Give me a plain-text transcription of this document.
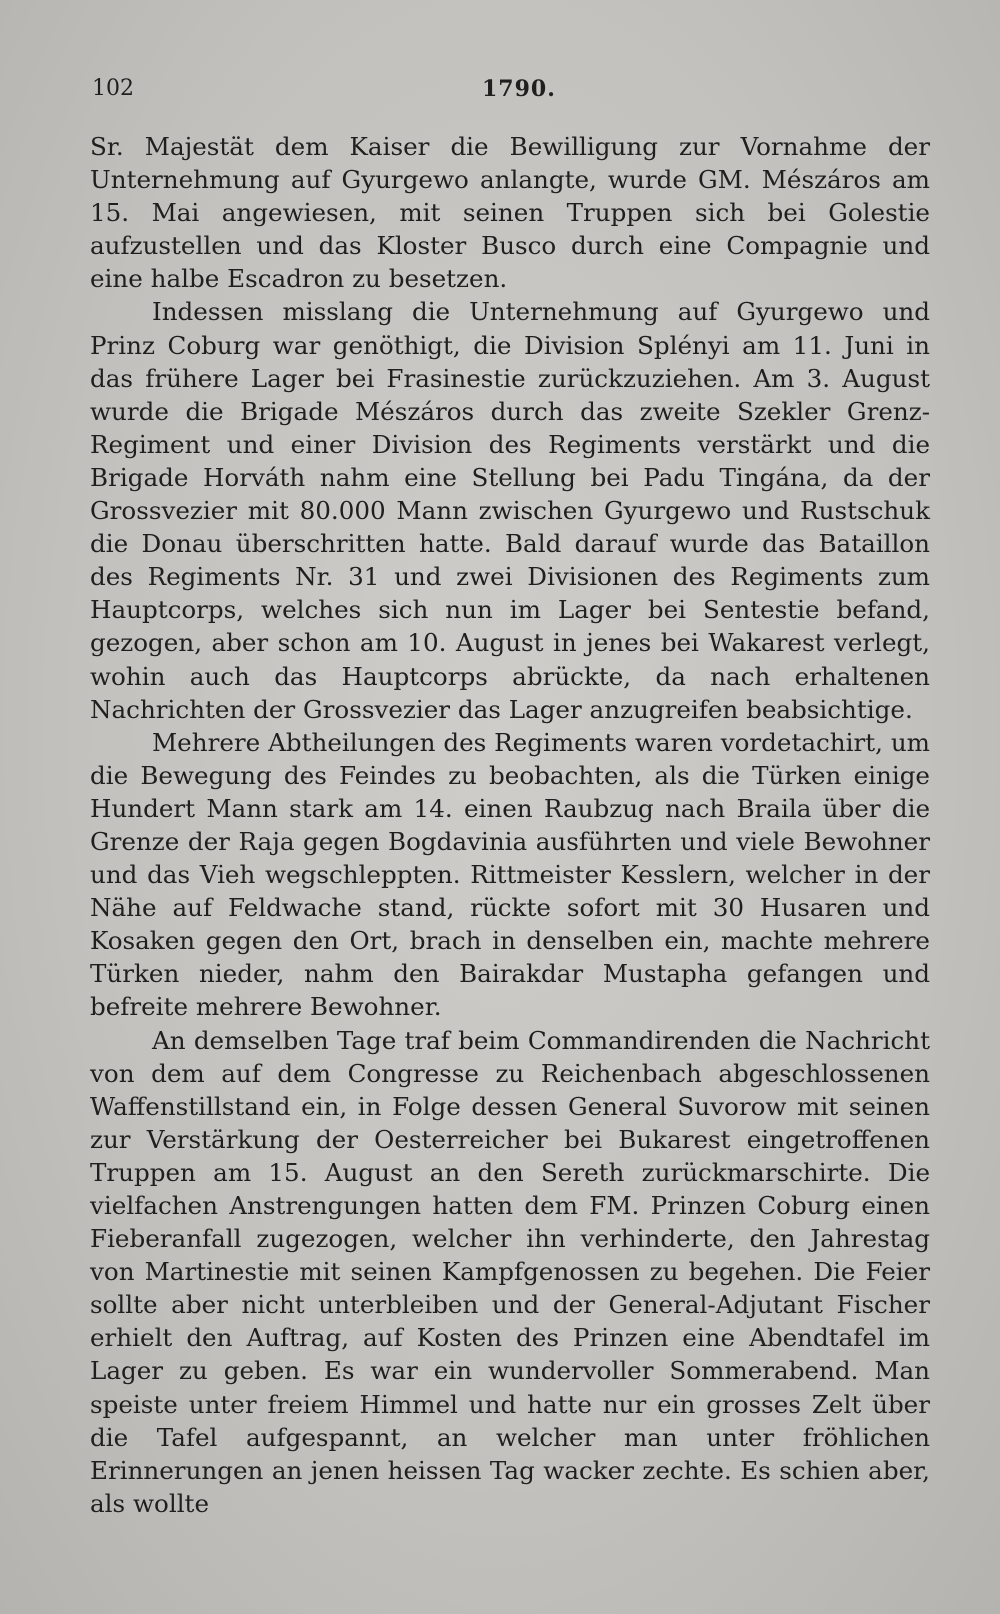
102	1790.

Sr. Majestät dem Kaiser die Bewilligung zur Vornahme der Unternehmung auf Gyurgewo anlangte, wurde GM. Mészáros am 15. Mai angewiesen, mit seinen Truppen sich bei Golestie aufzustellen und das Kloster Busco durch eine Compagnie und eine halbe Escadron zu besetzen.

Indessen misslang die Unternehmung auf Gyurgewo und Prinz Coburg war genöthigt, die Division Splényi am 11. Juni in das frühere Lager bei Frasinestie zurückzuziehen. Am 3. August wurde die Brigade Mészáros durch das zweite Szekler Grenz-Regiment und einer Division des Regiments verstärkt und die Brigade Horváth nahm eine Stellung bei Padu Tingána, da der Grossvezier mit 80.000 Mann zwischen Gyurgewo und Rustschuk die Donau überschritten hatte. Bald darauf wurde das Bataillon des Regiments Nr. 31 und zwei Divisionen des Regiments zum Hauptcorps, welches sich nun im Lager bei Sentestie befand, gezogen, aber schon am 10. August in jenes bei Wakarest verlegt, wohin auch das Hauptcorps abrückte, da nach erhaltenen Nachrichten der Grossvezier das Lager anzugreifen beabsichtige.

Mehrere Abtheilungen des Regiments waren vordetachirt, um die Bewegung des Feindes zu beobachten, als die Türken einige Hundert Mann stark am 14. einen Raubzug nach Braila über die Grenze der Raja gegen Bogdavinia ausführten und viele Bewohner und das Vieh wegschleppten. Rittmeister Kesslern, welcher in der Nähe auf Feldwache stand, rückte sofort mit 30 Husaren und Kosaken gegen den Ort, brach in denselben ein, machte mehrere Türken nieder, nahm den Bairakdar Mustapha gefangen und befreite mehrere Bewohner.

An demselben Tage traf beim Commandirenden die Nachricht von dem auf dem Congresse zu Reichenbach abgeschlossenen Waffenstillstand ein, in Folge dessen General Suvorow mit seinen zur Verstärkung der Oesterreicher bei Bukarest eingetroffenen Truppen am 15. August an den Sereth zurückmarschirte. Die vielfachen Anstrengungen hatten dem FM. Prinzen Coburg einen Fieberanfall zugezogen, welcher ihn verhinderte, den Jahrestag von Martinestie mit seinen Kampfgenossen zu begehen. Die Feier sollte aber nicht unterbleiben und der General-Adjutant Fischer erhielt den Auftrag, auf Kosten des Prinzen eine Abendtafel im Lager zu geben. Es war ein wundervoller Sommerabend. Man speiste unter freiem Himmel und hatte nur ein grosses Zelt über die Tafel aufgespannt, an welcher man unter fröhlichen Erinnerungen an jenen heissen Tag wacker zechte. Es schien aber, als wollte
